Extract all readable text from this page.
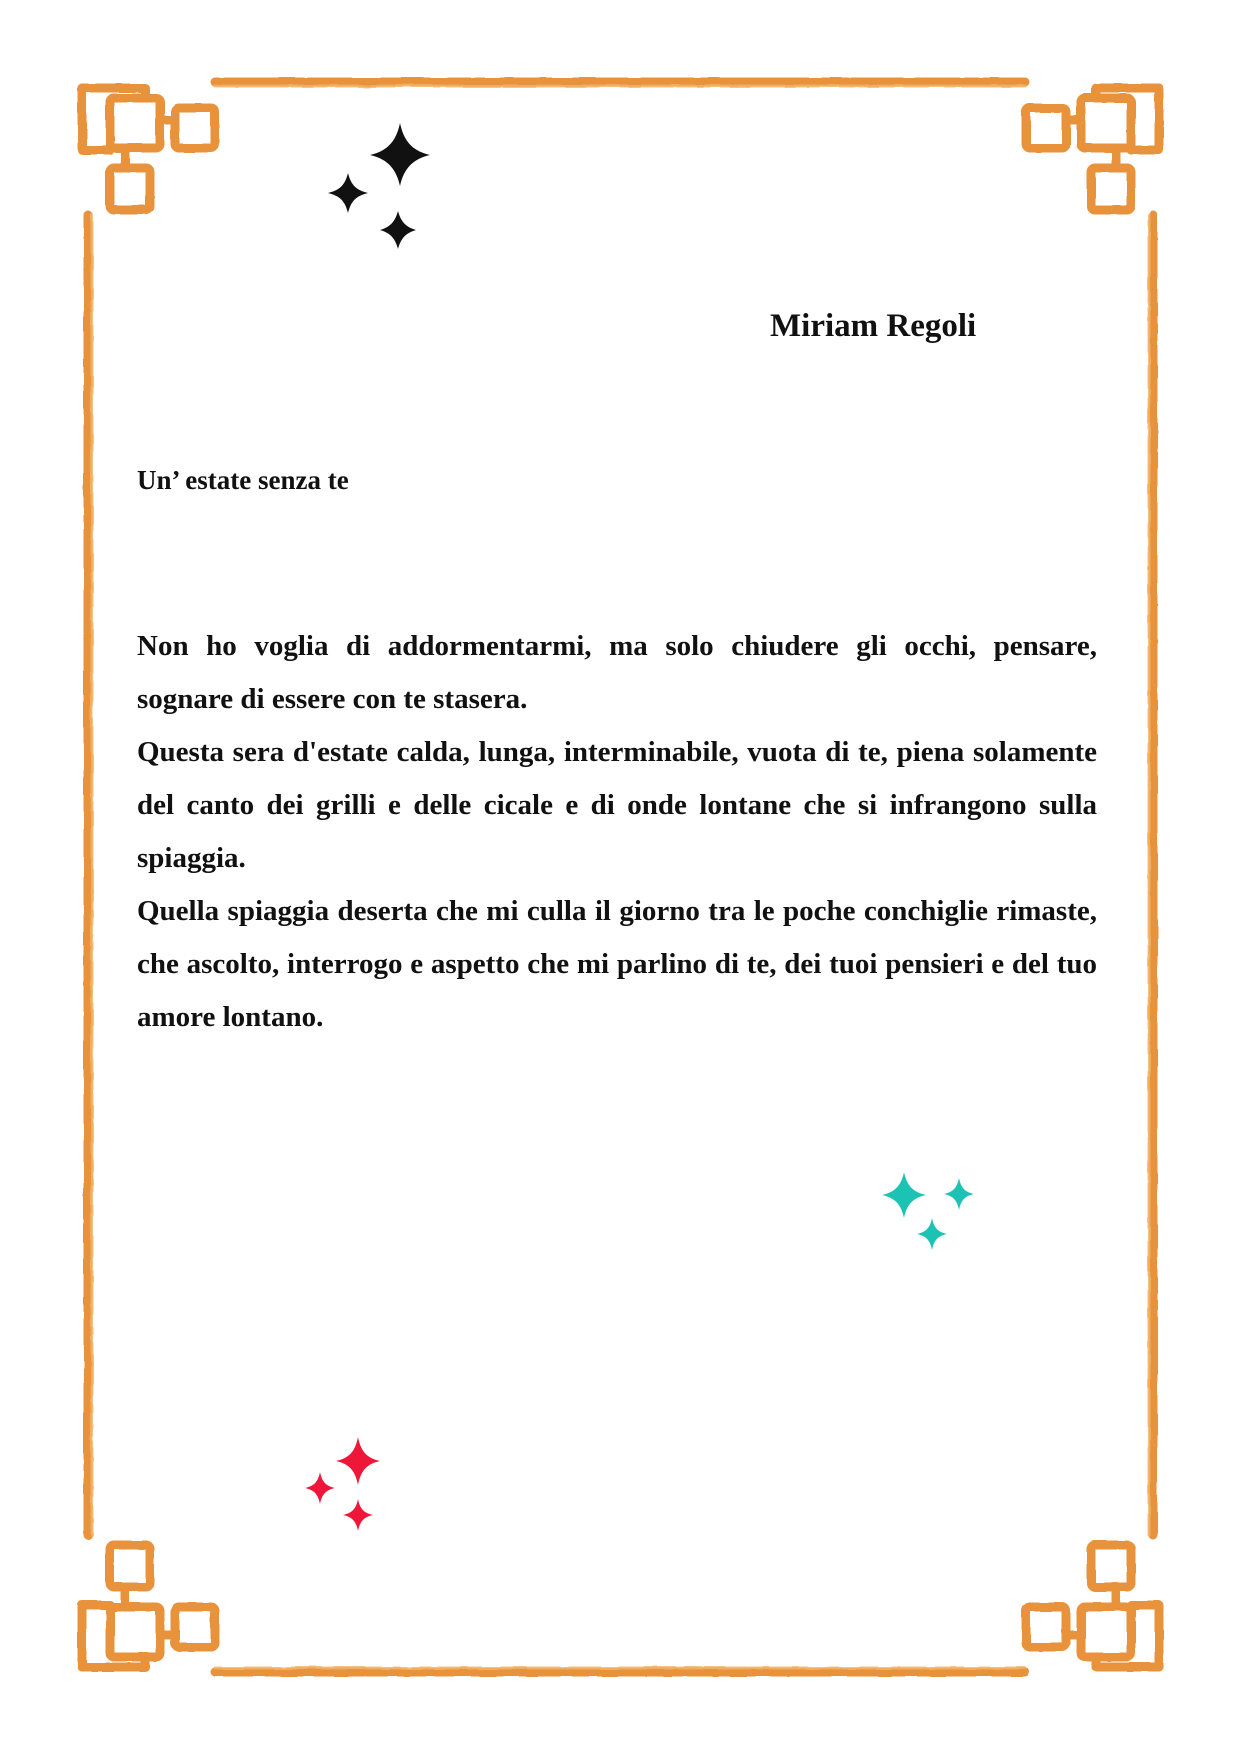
Miriam Regoli
Un’ estate senza te

Non ho voglia di addormentarmi, ma solo chiudere gli occhi, pensare, sognare di essere con te stasera.

Questa sera d'estate calda, lunga, interminabile, vuota di te, piena solamente del canto dei grilli e delle cicale e di onde lontane che si infrangono sulla spiaggia.

Quella spiaggia deserta che mi culla il giorno tra le poche conchiglie rimaste, che ascolto, interrogo e aspetto che mi parlino di te, dei tuoi pensieri e del tuo amore lontano.
